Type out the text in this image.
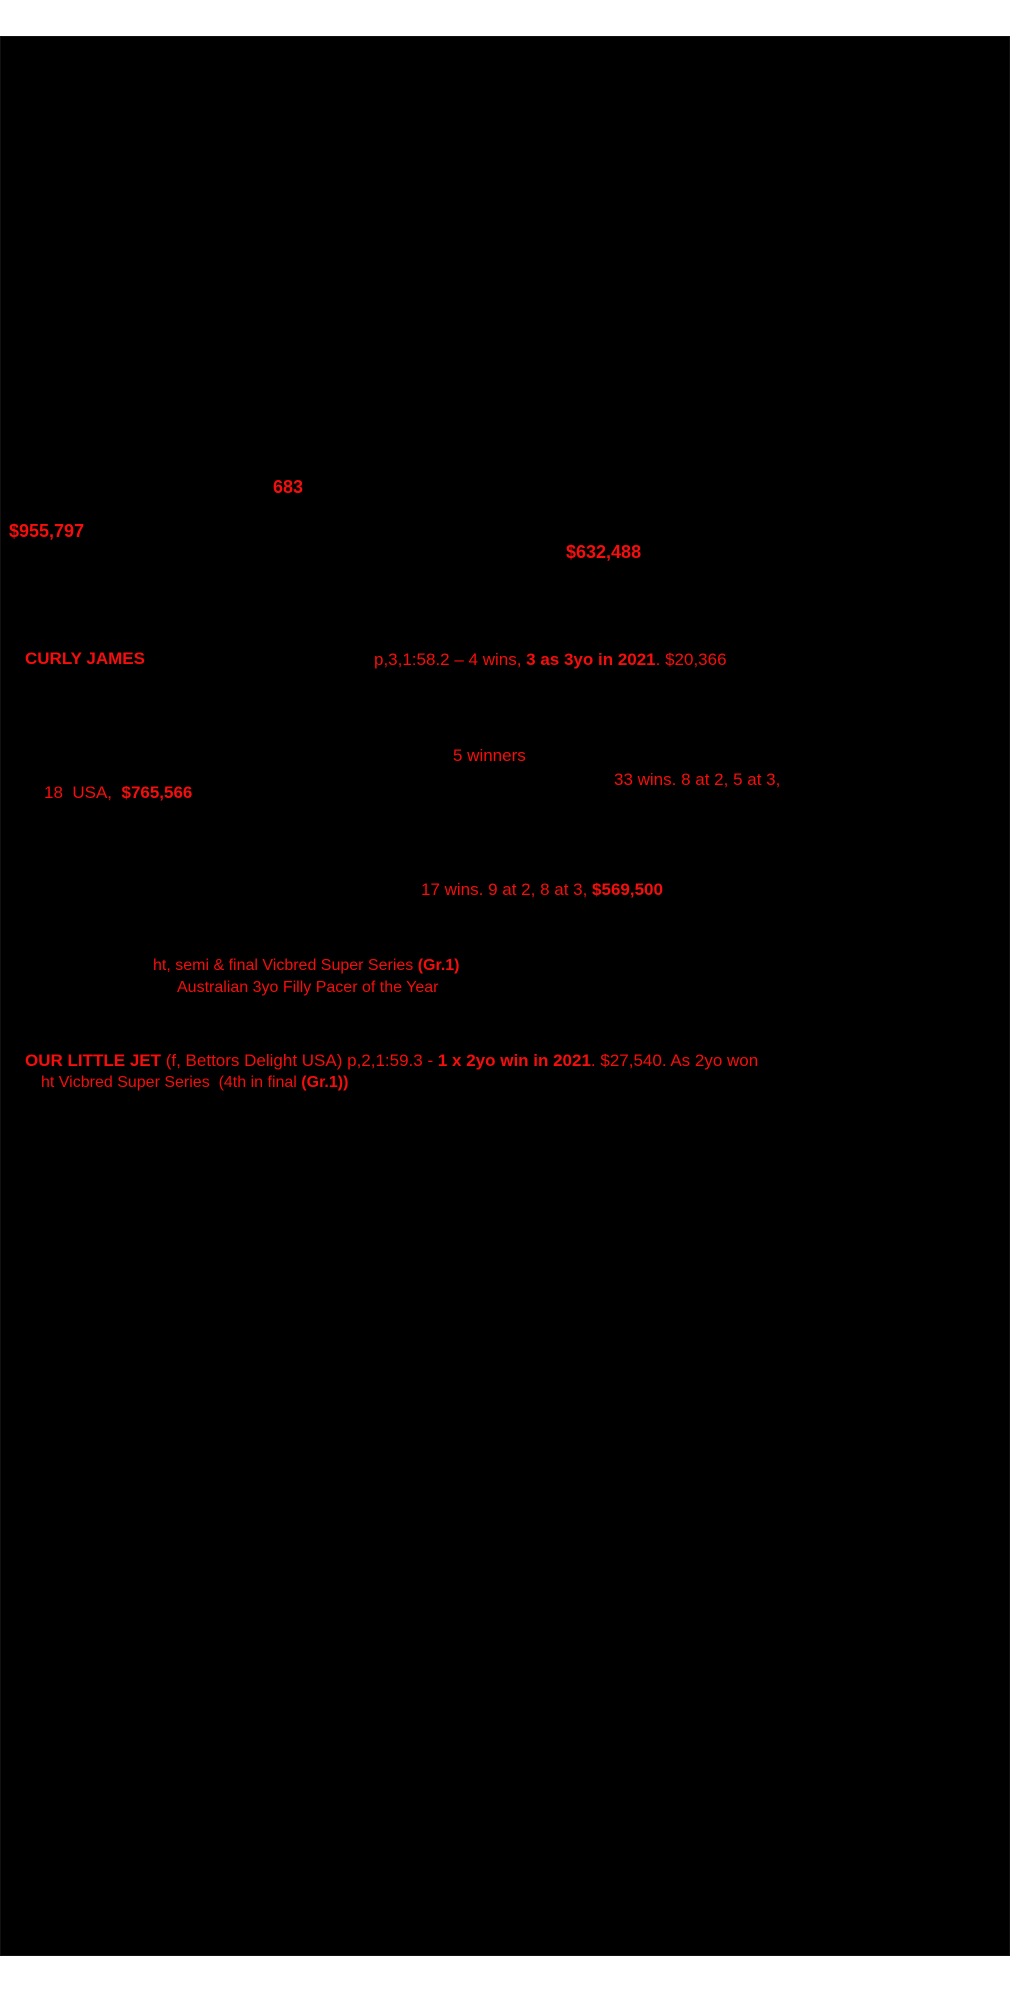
683
$955,797
$632,488
CURLY JAMES	p,3,1:58.2 – 4 wins, 3 as 3yo in 2021. $20,366
5 winners
33 wins. 8 at 2, 5 at 3,
18  USA,  $765,566
17 wins. 9 at 2, 8 at 3, $569,500
ht, semi & final Vicbred Super Series (Gr.1)
Australian 3yo Filly Pacer of the Year
OUR LITTLE JET (f, Bettors Delight USA) p,2,1:59.3 - 1 x 2yo win in 2021. $27,540. As 2yo won
ht Vicbred Super Series  (4th in final (Gr.1))
